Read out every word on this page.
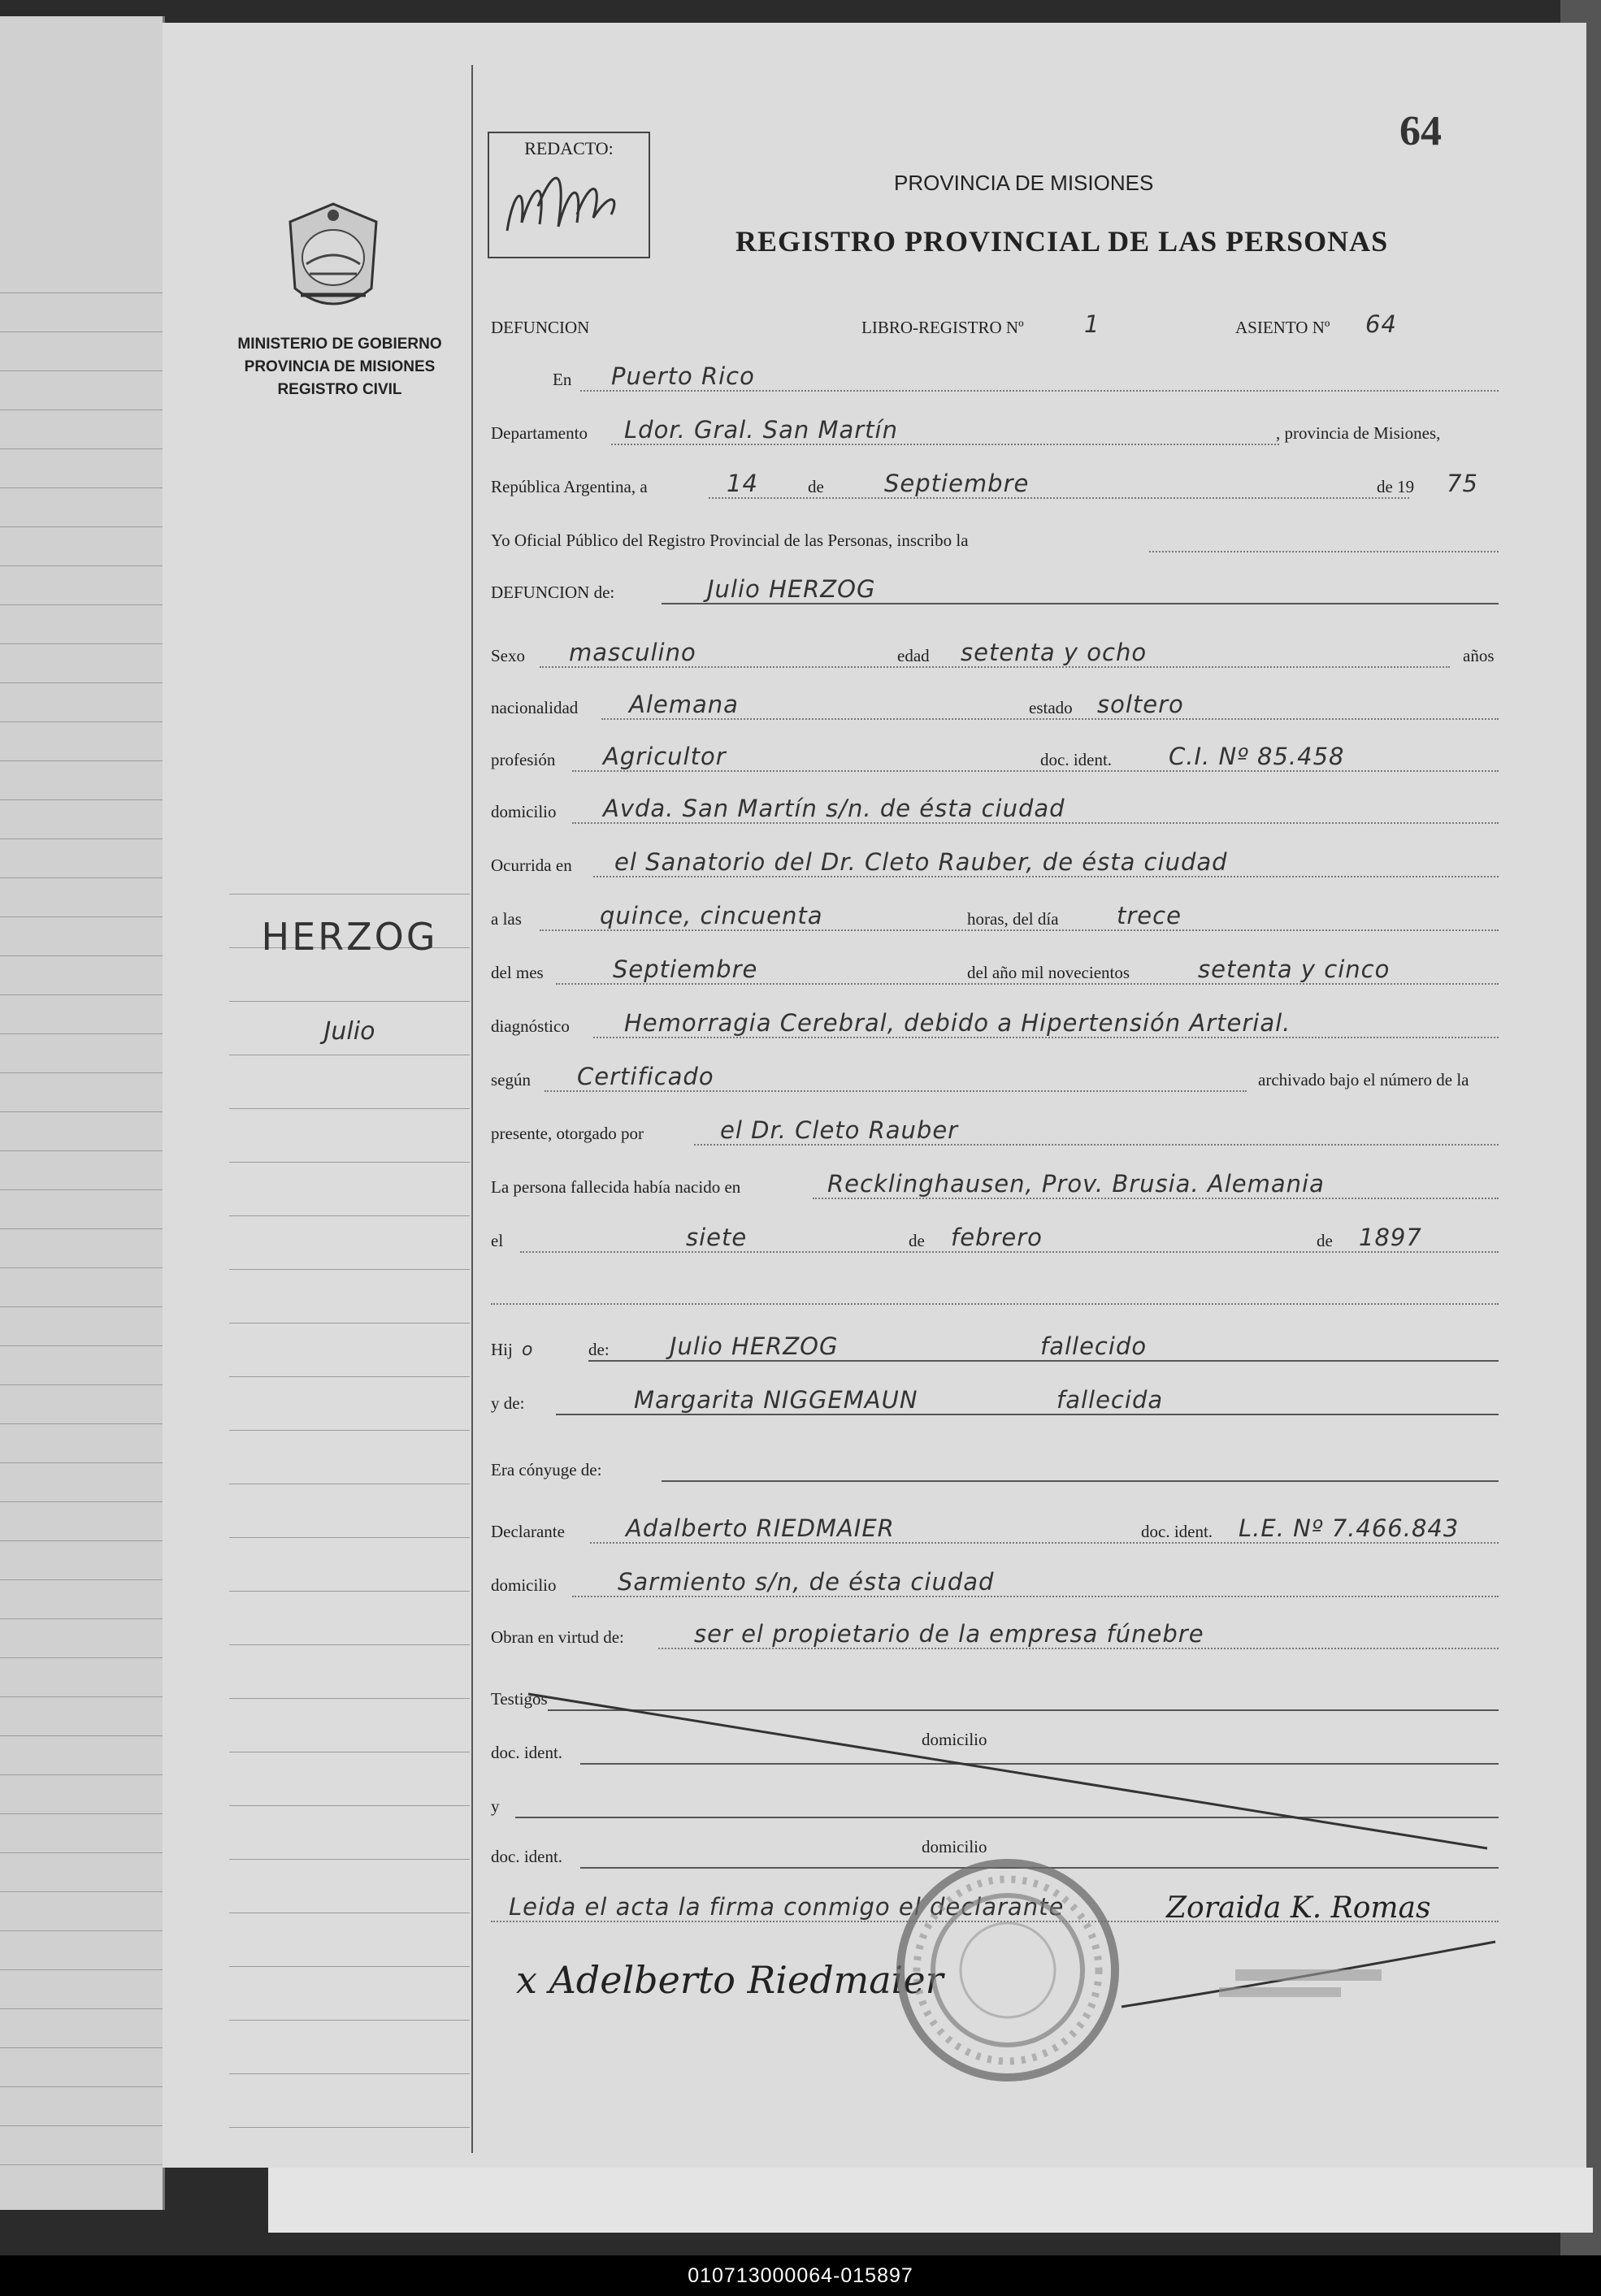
64
REDACTO:
PROVINCIA DE MISIONES
REGISTRO PROVINCIAL DE LAS PERSONAS
MINISTERIO DE GOBIERNO
PROVINCIA DE MISIONES
REGISTRO CIVIL
HERZOG
Julio
DEFUNCION	LIBRO-REGISTRO Nº	1	ASIENTO Nº 64
En Puerto Rico
Departamento Ldor. Gral. San Martín	, provincia de Misiones,
República Argentina, a	14	de	Septiembre	de 19 75
Yo Oficial Público del Registro Provincial de las Personas, inscribo la
DEFUNCION de:	Julio HERZOG
Sexo masculino	edad setenta y ocho	años
nacionalidad Alemana	estado soltero
profesión Agricultor	doc. ident. C.I. Nº 85.458
domicilio Avda. San Martín s/n. de ésta ciudad
Ocurrida en el Sanatorio del Dr. Cleto Rauber, de ésta ciudad
a las	quince, cincuenta	horas, del día trece
del mes	Septiembre	del año mil novecientos	setenta y cinco
diagnóstico Hemorragia Cerebral, debido a Hipertensión Arterial.
según Certificado	archivado bajo el número de la
presente, otorgado por	el Dr. Cleto Rauber
La persona fallecida había nacido en	Recklinghausen, Prov. Brusia. Alemania
el	siete	de febrero	de 1897
Hij o	de:	Julio HERZOG	fallecido
y de:	Margarita NIGGEMAUN	fallecida
Era cónyuge de:
Declarante	Adalberto RIEDMAIER	doc. ident. L.E. Nº 7.466.843
domicilio	Sarmiento s/n, de ésta ciudad
Obran en virtud de:	ser el propietario de la empresa fúnebre
Testigos
doc. ident.
domicilio
y
doc. ident.	domicilio
Leida el acta la firma conmigo el declarante
x Adelberto Riedmaier
Zoraida K. Romas
010713000064-015897
